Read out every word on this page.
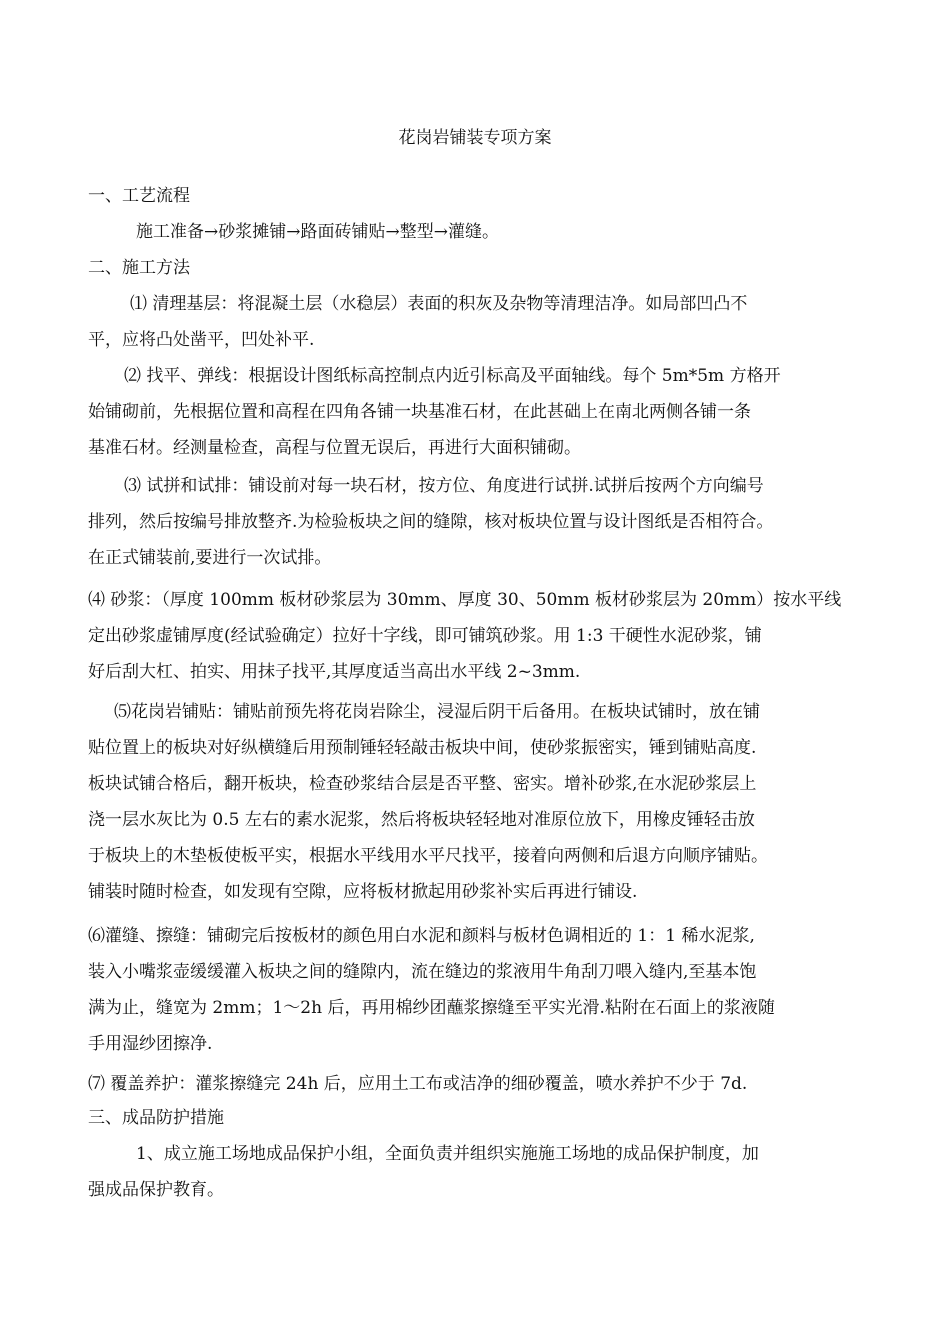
花岗岩铺装专项方案
一、工艺流程
施工准备→砂浆摊铺→路面砖铺贴→整型→灌缝。
二、施工方法
⑴ 清理基层：将混凝土层（水稳层）表面的积灰及杂物等清理洁净。如局部凹凸不
平，应将凸处凿平，凹处补平.
⑵ 找平、弹线：根据设计图纸标高控制点内近引标高及平面轴线。每个 5m*5m 方格开
始铺砌前，先根据位置和高程在四角各铺一块基准石材，在此甚础上在南北两侧各铺一条
基准石材。经测量检查，高程与位置无误后，再进行大面积铺砌。
⑶ 试拼和试排：铺设前对每一块石材，按方位、角度进行试拼.试拼后按两个方向编号
排列，然后按编号排放整齐.为检验板块之间的缝隙，核对板块位置与设计图纸是否相符合。
在正式铺装前,要进行一次试排。
⑷ 砂浆：（厚度 100mm 板材砂浆层为 30mm、厚度 30、50mm 板材砂浆层为 20mm）按水平线
定出砂浆虚铺厚度(经试验确定）拉好十字线，即可铺筑砂浆。用 1:3 干硬性水泥砂浆，铺
好后刮大杠、拍实、用抹子找平,其厚度适当高出水平线 2~3mm.
⑸花岗岩铺贴：铺贴前预先将花岗岩除尘，浸湿后阴干后备用。在板块试铺时，放在铺
贴位置上的板块对好纵横缝后用预制锤轻轻敲击板块中间，使砂浆振密实，锤到铺贴高度.
板块试铺合格后，翻开板块，检查砂浆结合层是否平整、密实。增补砂浆,在水泥砂浆层上
浇一层水灰比为 0.5 左右的素水泥浆，然后将板块轻轻地对准原位放下，用橡皮锤轻击放
于板块上的木垫板使板平实，根据水平线用水平尺找平，接着向两侧和后退方向顺序铺贴。
铺装时随时检查，如发现有空隙，应将板材掀起用砂浆补实后再进行铺设.
⑹灌缝、擦缝：铺砌完后按板材的颜色用白水泥和颜料与板材色调相近的 1：1 稀水泥浆,
装入小嘴浆壶缓缓灌入板块之间的缝隙内，流在缝边的浆液用牛角刮刀喂入缝内,至基本饱
满为止，缝宽为 2mm；1～2h 后，再用棉纱团蘸浆擦缝至平实光滑.粘附在石面上的浆液随
手用湿纱团擦净.
⑺ 覆盖养护：灌浆擦缝完 24h 后，应用土工布或洁净的细砂覆盖，喷水养护不少于 7d.
三、成品防护措施
1、成立施工场地成品保护小组，全面负责并组织实施施工场地的成品保护制度，加
强成品保护教育。
